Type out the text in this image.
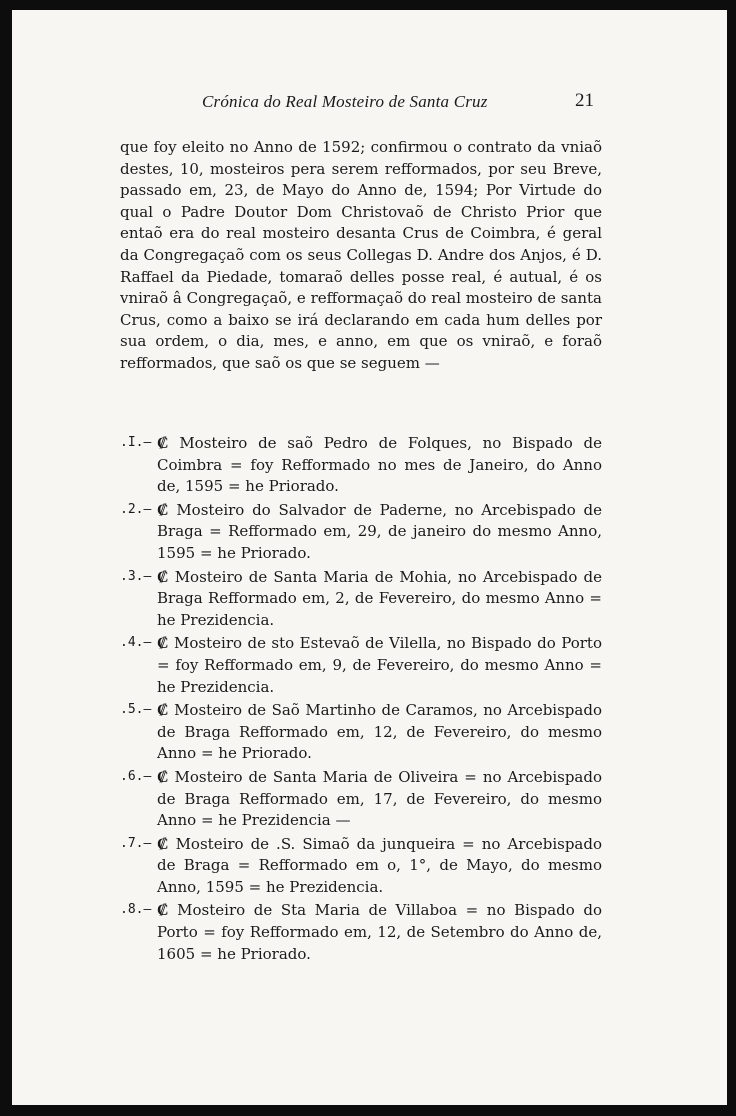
Crónica do Real Mosteiro de Santa Cruz	21

que foy eleito no Anno de 1592; confirmou o contrato da vniaõ destes, 10, mosteiros pera serem refformados, por seu Breve, passado em, 23, de Mayo do Anno de, 1594; Por Virtude do qual o Padre Doutor Dom Christovaõ de Christo Prior que entaõ era do real mosteiro desanta Crus de Coimbra, é geral da Congregaçaõ com os seus Collegas D. Andre dos Anjos, é D. Raffael da Piedade, tomaraõ delles posse real, é autual, é os vniraõ â Congregaçaõ, e refformaçaõ do real mosteiro de santa Crus, como a baixo se irá declarando em cada hum delles por sua ordem, o dia, mes, e anno, em que os vniraõ, e foraõ refformados, que saõ os que se seguem —

.I.— ₡ Mosteiro de saõ Pedro de Folques, no Bispado de Coimbra = foy Refformado no mes de Janeiro, do Anno de, 1595 = he Priorado.
.2.— ₡ Mosteiro do Salvador de Paderne, no Arcebispado de Braga = Refformado em, 29, de janeiro do mesmo Anno, 1595 = he Priorado.
.3.— ₡ Mosteiro de Santa Maria de Mohia, no Arcebispado de Braga Refformado em, 2, de Fevereiro, do mesmo Anno = he Prezidencia.
.4.— ₡ Mosteiro de sto Estevaõ de Vilella, no Bispado do Porto = foy Refformado em, 9, de Fevereiro, do mesmo Anno = he Prezidencia.
.5.— ₡ Mosteiro de Saõ Martinho de Caramos, no Arcebispado de Braga Refformado em, 12, de Fevereiro, do mesmo Anno = he Priorado.
.6.— ₡ Mosteiro de Santa Maria de Oliveira = no Arcebispado de Braga Refformado em, 17, de Fevereiro, do mesmo Anno = he Prezidencia —
.7.— ₡ Mosteiro de .S. Simaõ da junqueira = no Arcebispado de Braga = Refformado em o, 1°, de Mayo, do mesmo Anno, 1595 = he Prezidencia.
.8.— ₡ Mosteiro de Sta Maria de Villaboa = no Bispado do Porto = foy Refformado em, 12, de Setembro do Anno de, 1605 = he Priorado.
